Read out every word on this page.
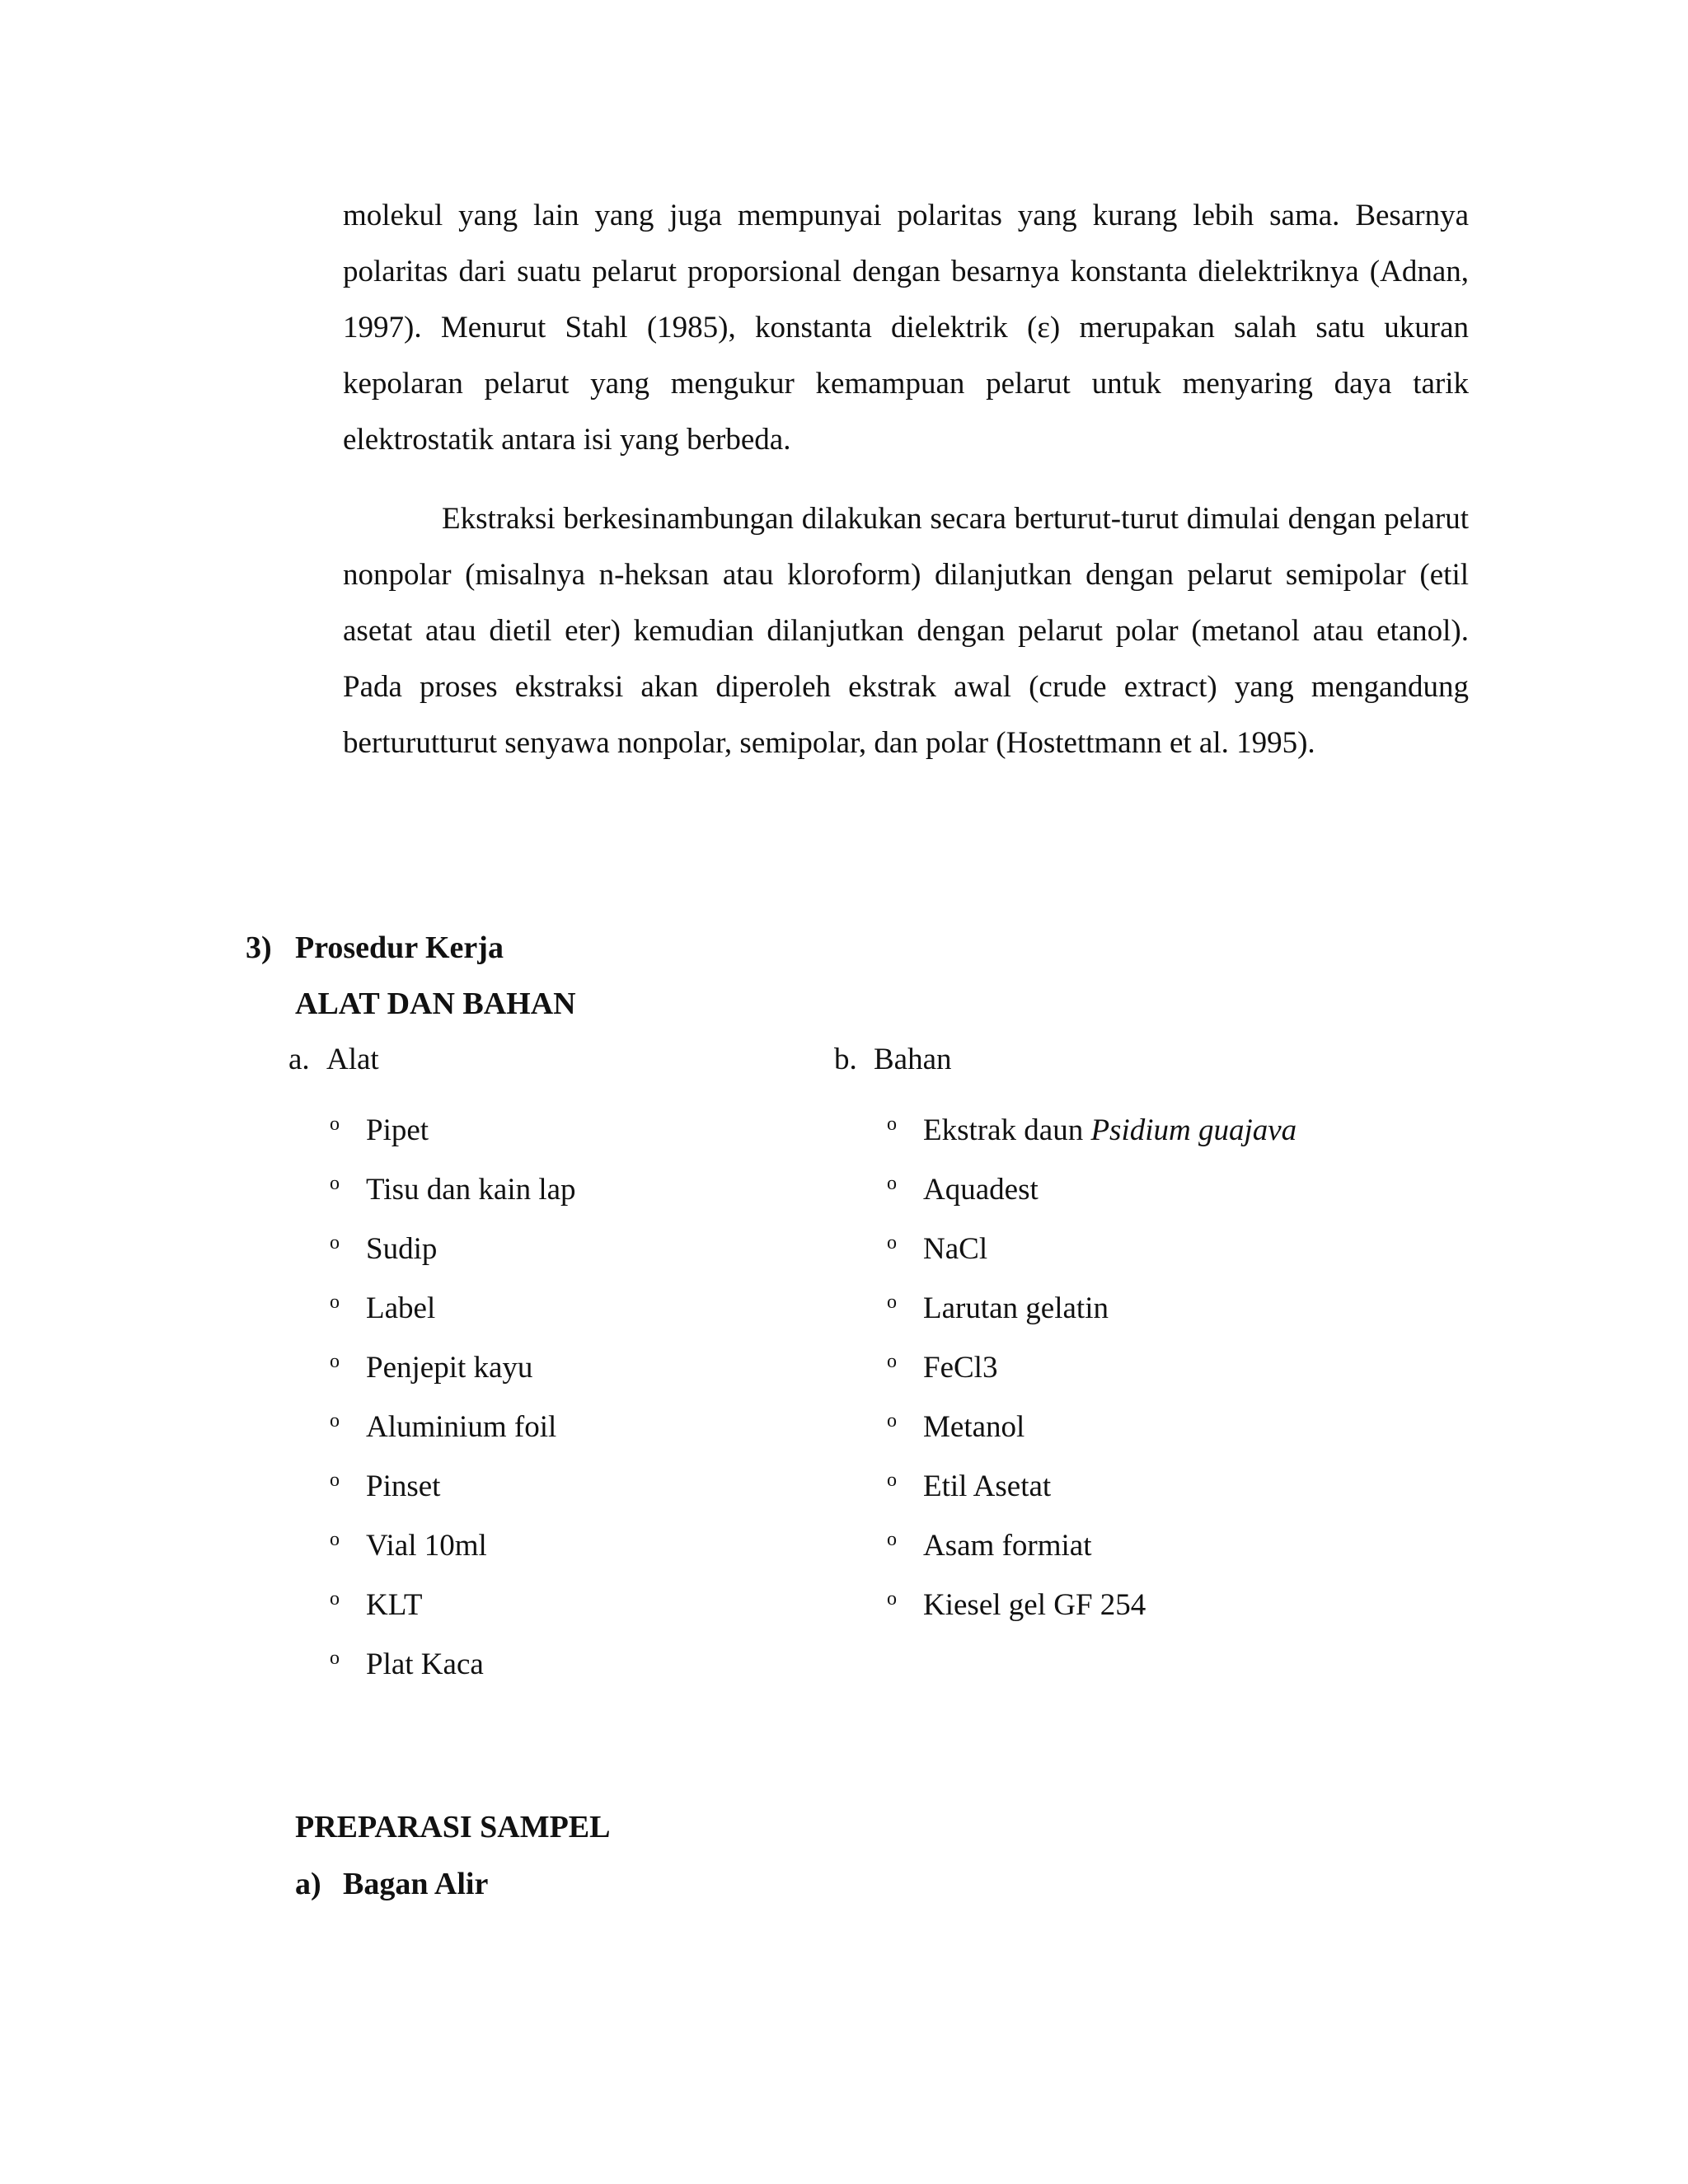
molekul yang lain yang juga mempunyai polaritas yang kurang lebih sama. Besarnya polaritas dari suatu pelarut proporsional dengan besarnya konstanta dielektriknya (Adnan, 1997). Menurut Stahl (1985), konstanta dielektrik (ε) merupakan salah satu ukuran kepolaran pelarut yang mengukur kemampuan pelarut untuk menyaring daya tarik elektrostatik antara isi yang berbeda.

Ekstraksi berkesinambungan dilakukan secara berturut-turut dimulai dengan pelarut nonpolar (misalnya n-heksan atau kloroform) dilanjutkan dengan pelarut semipolar (etil asetat atau dietil eter) kemudian dilanjutkan dengan pelarut polar (metanol atau etanol). Pada proses ekstraksi akan diperoleh ekstrak awal (crude extract) yang mengandung berturutturut senyawa nonpolar, semipolar, dan polar (Hostettmann et al. 1995).

3) Prosedur Kerja
ALAT DAN BAHAN
a. Alat
o Pipet
o Tisu dan kain lap
o Sudip
o Label
o Penjepit kayu
o Aluminium foil
o Pinset
o Vial 10ml
o KLT
o Plat Kaca
b. Bahan
o Ekstrak daun Psidium guajava
o Aquadest
o NaCl
o Larutan gelatin
o FeCl3
o Metanol
o Etil Asetat
o Asam formiat
o Kiesel gel GF 254
PREPARASI SAMPEL
a) Bagan Alir
